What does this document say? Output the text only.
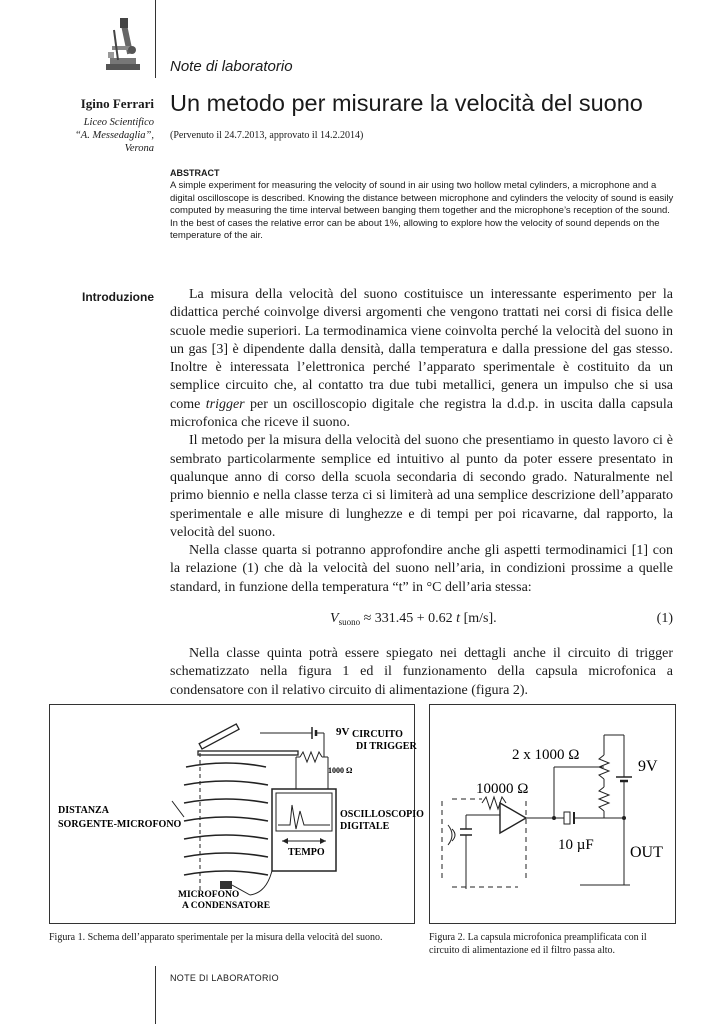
Note di laboratorio
Igino Ferrari
Liceo Scientifico
“A. Messedaglia”,
Verona
Un metodo per misurare la velocità del suono
(Pervenuto il 24.7.2013, approvato il 14.2.2014)
ABSTRACT
A simple experiment for measuring the velocity of sound in air using two hollow metal cylinders, a microphone and a digital oscilloscope is described. Knowing the distance between microphone and cylinders the velocity of sound is easily computed by measuring the time interval between banging them together and the microphone’s reception of the sound. In the best of cases the relative error can be about 1%, allowing to explore how the velocity of sound depends on the temperature of the air.
Introduzione	La misura della velocità del suono costituisce un interessante esperimento per la didattica perché coinvolge diversi argomenti che vengono trattati nei corsi di fisica delle scuole medie superiori. La termodinamica viene coinvolta perché la velocità del suono in un gas [3] è dipendente dalla densità, dalla temperatura e dalla pressione del gas stesso. Inoltre è interessata l’elettronica perché l’apparato sperimentale è costituito da un semplice circuito che, al contatto tra due tubi metallici, genera un impulso che si usa come trigger per un oscilloscopio digitale che registra la d.d.p. in uscita dalla capsula microfonica che riceve il suono.

Il metodo per la misura della velocità del suono che presentiamo in questo lavoro ci è sembrato particolarmente semplice ed intuitivo al punto da poter essere presentato in qualunque anno di corso della scuola secondaria di secondo grado. Naturalmente nel primo biennio e nella classe terza ci si limiterà ad una semplice descrizione dell’apparato sperimentale e alle misure di lunghezze e di tempi per poi ricavarne, dal rapporto, la velocità del suono.

Nella classe quarta si potranno approfondire anche gli aspetti termodinamici [1] con la relazione (1) che dà la velocità del suono nell’aria, in condizioni prossime a quelle standard, in funzione della temperatura “t” in °C dell’aria stessa:

$V_{suono} \approx 331.45 + 0.62$ t [m/s].	(1)

Nella classe quinta potrà essere spiegato nei dettagli anche il circuito di trigger schematizzato nella figura 1 ed il funzionamento della capsula microfonica a condensatore con il relativo circuito di alimentazione (figura 2).

9V CIRCUITO
DI TRIGGER
1000 Ω
DISTANZA
SORGENTE-MICROFONO
OSCILLOSCOPIO
DIGITALE
TEMPO
MICROFONO
A CONDENSATORE
Figura 1. Schema dell’apparato sperimentale per la misura della velocità del suono.
2 x 1000 Ω
9V
10000 Ω
10 µF OUT
Figura 2. La capsula microfonica preamplificata con il circuito di alimentazione ed il filtro passa alto.
NOTE DI LABORATORIO
